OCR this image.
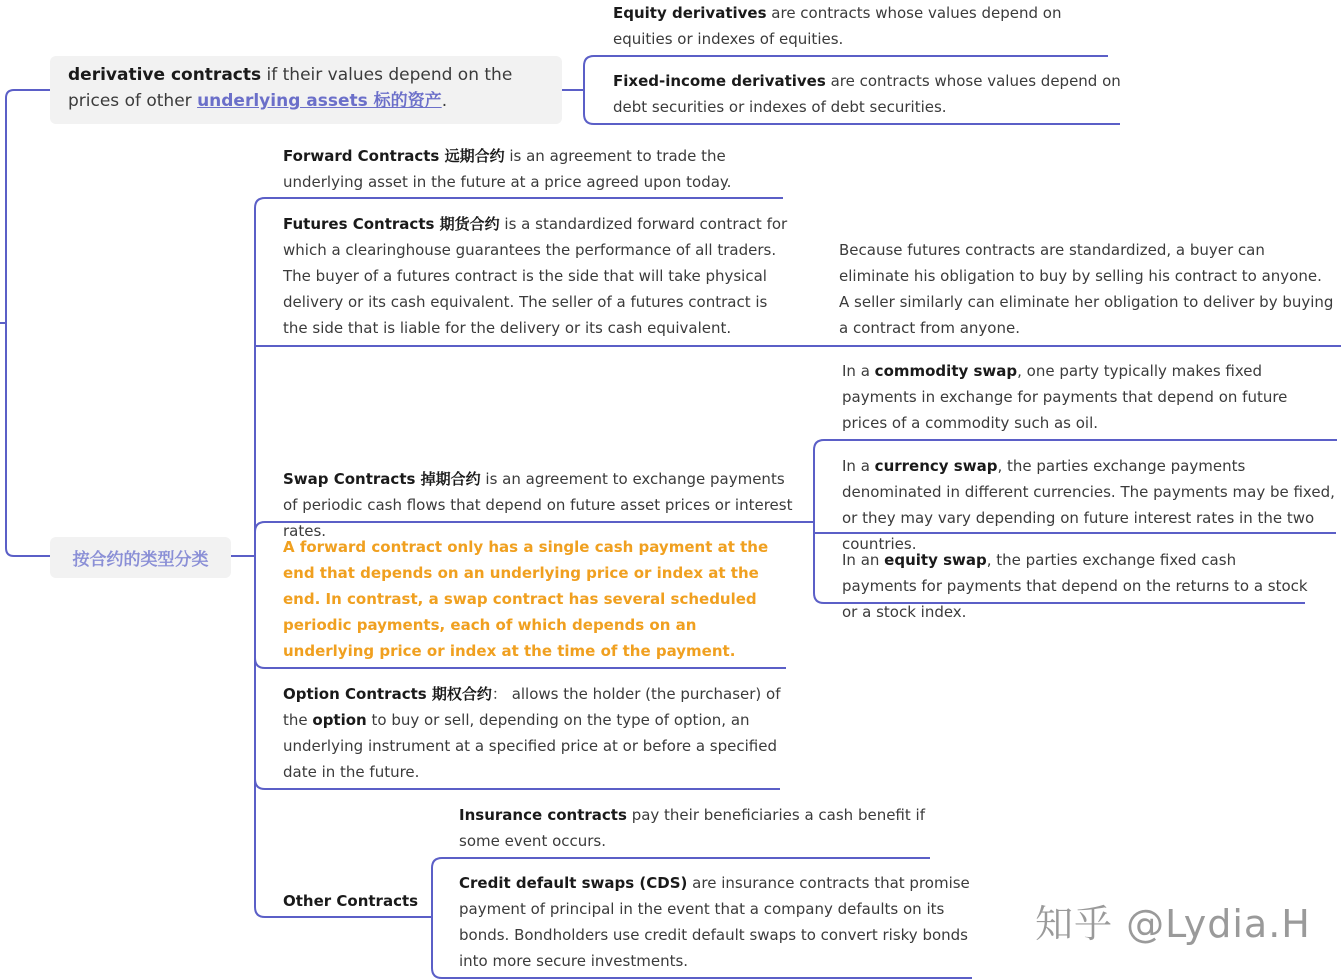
derivative contracts if their values depend on the prices of other underlying assets 标的资产.
Equity derivatives are contracts whose values depend on equities or indexes of equities.
Fixed-income derivatives are contracts whose values depend on debt securities or indexes of debt securities.
按合约的类型分类
Forward Contracts 远期合约 is an agreement to trade the underlying asset in the future at a price agreed upon today.
Futures Contracts 期货合约 is a standardized forward contract for which a clearinghouse guarantees the performance of all traders. The buyer of a futures contract is the side that will take physical delivery or its cash equivalent. The seller of a futures contract is the side that is liable for the delivery or its cash equivalent.
Because futures contracts are standardized, a buyer can eliminate his obligation to buy by selling his contract to anyone. A seller similarly can eliminate her obligation to deliver by buying a contract from anyone.
Swap Contracts 掉期合约 is an agreement to exchange payments of periodic cash flows that depend on future asset prices or interest rates.
In a commodity swap, one party typically makes fixed payments in exchange for payments that depend on future prices of a commodity such as oil.
In a currency swap, the parties exchange payments denominated in different currencies. The payments may be fixed, or they may vary depending on future interest rates in the two countries.
In an equity swap, the parties exchange fixed cash payments for payments that depend on the returns to a stock or a stock index.
A forward contract only has a single cash payment at the end that depends on an underlying price or index at the end. In contrast, a swap contract has several scheduled periodic payments, each of which depends on an underlying price or index at the time of the payment.
Option Contracts 期权合约： allows the holder (the purchaser) of the option to buy or sell, depending on the type of option, an underlying instrument at a specified price at or before a specified date in the future.
Other Contracts
Insurance contracts pay their beneficiaries a cash benefit if some event occurs.
Credit default swaps (CDS) are insurance contracts that promise payment of principal in the event that a company defaults on its bonds. Bondholders use credit default swaps to convert risky bonds into more secure investments.
知乎 @Lydia.H
